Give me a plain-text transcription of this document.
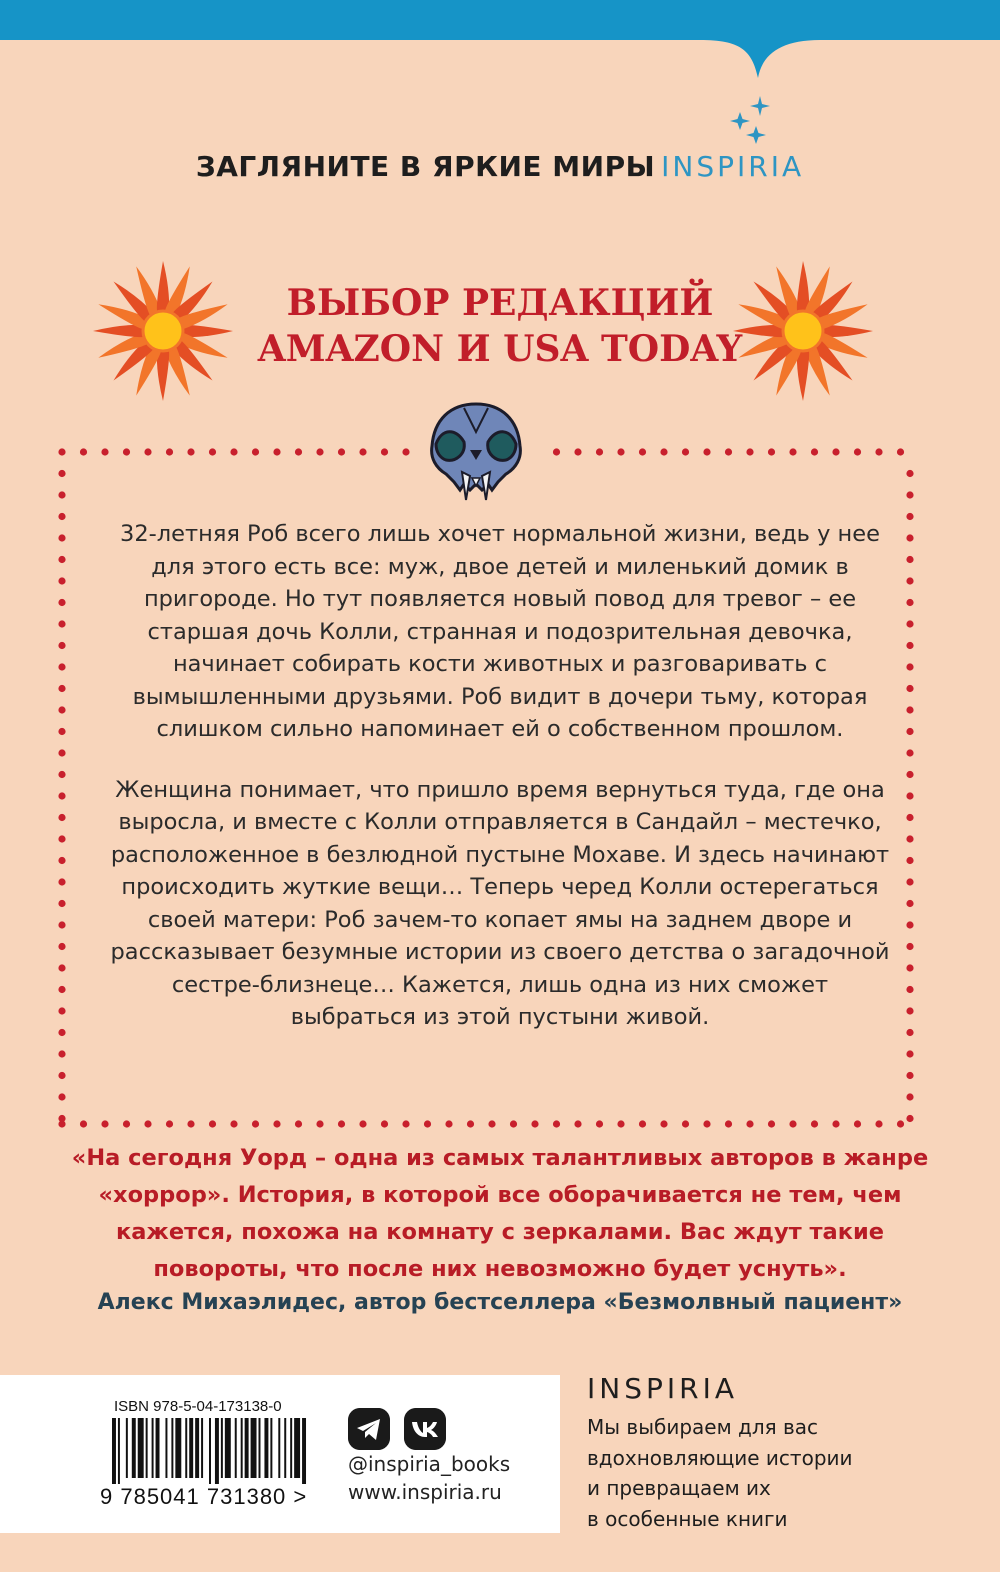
ЗАГЛЯНИТЕ В ЯРКИЕ МИРЫ INSPIRIA
ВЫБОР РЕДАКЦИЙ
AMAZON И USA TODAY

32-летняя Роб всего лишь хочет нормальной жизни, ведь у нее для этого есть все: муж, двое детей и миленький домик в пригороде. Но тут появляется новый повод для тревог – ее старшая дочь Колли, странная и подозрительная девочка, начинает собирать кости животных и разговаривать с вымышленными друзьями. Роб видит в дочери тьму, которая слишком сильно напоминает ей о собственном прошлом.

Женщина понимает, что пришло время вернуться туда, где она выросла, и вместе с Колли отправляется в Сандайл – местечко, расположенное в безлюдной пустыне Мохаве. И здесь начинают происходить жуткие вещи… Теперь черед Колли остерегаться своей матери: Роб зачем-то копает ямы на заднем дворе и рассказывает безумные истории из своего детства о загадочной сестре-близнеце… Кажется, лишь одна из них сможет выбраться из этой пустыни живой.

«На сегодня Уорд – одна из самых талантливых авторов в жанре «хоррор». История, в которой все оборачивается не тем, чем кажется, похожа на комнату с зеркалами. Вас ждут такие повороты, что после них невозможно будет уснуть».
Алекс Михаэлидес, автор бестселлера «Безмолвный пациент»
ISBN 978-5-04-173138-0
9 785041 731380 >
@inspiria_books
www.inspiria.ru
INSPIRIA
Мы выбираем для вас
вдохновляющие истории
и превращаем их
в особенные книги
